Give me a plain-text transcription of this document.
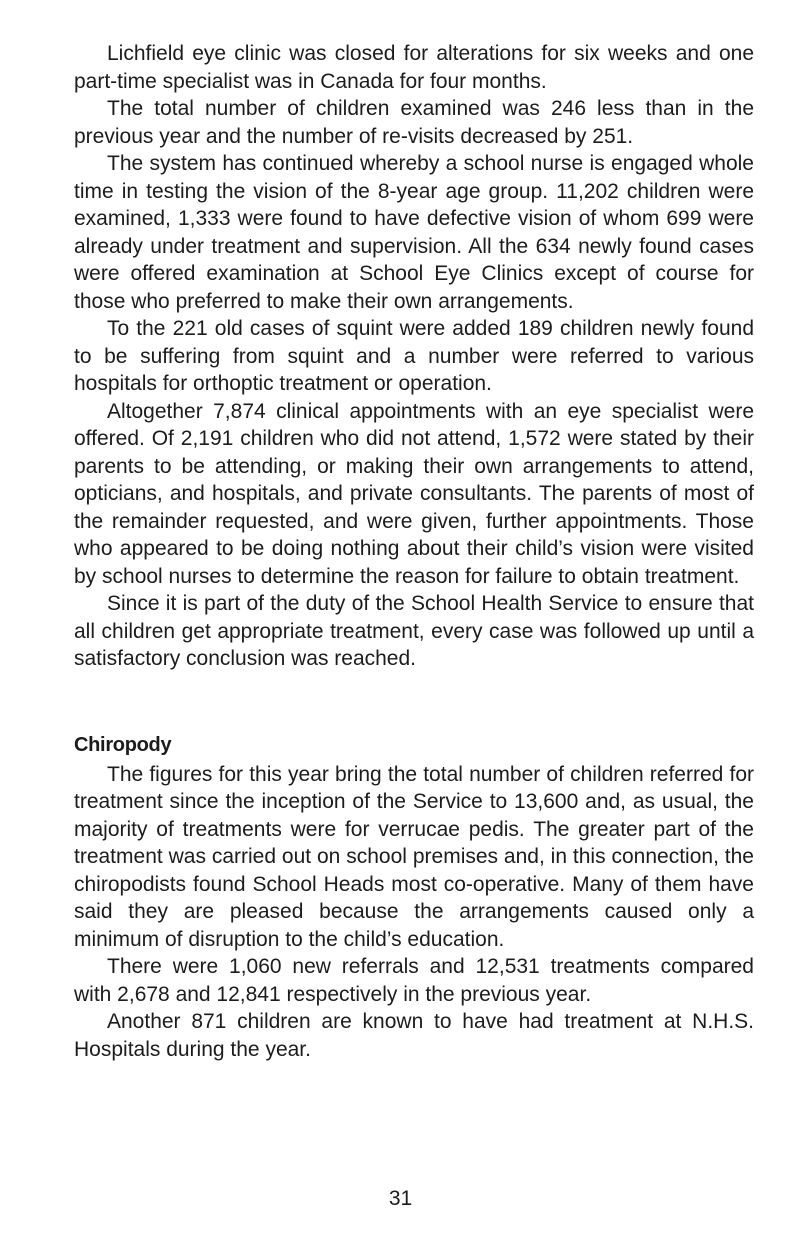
Lichfield eye clinic was closed for alterations for six weeks and one part-time specialist was in Canada for four months.

The total number of children examined was 246 less than in the previous year and the number of re-visits decreased by 251.

The system has continued whereby a school nurse is engaged whole time in testing the vision of the 8-year age group. 11,202 children were examined, 1,333 were found to have defective vision of whom 699 were already under treatment and supervision. All the 634 newly found cases were offered examination at School Eye Clinics except of course for those who preferred to make their own arrangements.

To the 221 old cases of squint were added 189 children newly found to be suffering from squint and a number were referred to various hospitals for orthoptic treatment or operation.

Altogether 7,874 clinical appointments with an eye specialist were offered. Of 2,191 children who did not attend, 1,572 were stated by their parents to be attending, or making their own arrangements to attend, opticians, and hospitals, and private consultants. The parents of most of the remainder requested, and were given, further appointments. Those who appeared to be doing nothing about their child’s vision were visited by school nurses to determine the reason for failure to obtain treatment.

Since it is part of the duty of the School Health Service to ensure that all children get appropriate treatment, every case was followed up until a satisfactory conclusion was reached.

Chiropody

The figures for this year bring the total number of children referred for treatment since the inception of the Service to 13,600 and, as usual, the majority of treatments were for verrucae pedis. The greater part of the treatment was carried out on school premises and, in this connection, the chiropodists found School Heads most co-operative. Many of them have said they are pleased because the arrangements caused only a minimum of disruption to the child’s education.

There were 1,060 new referrals and 12,531 treatments compared with 2,678 and 12,841 respectively in the previous year.

Another 871 children are known to have had treatment at N.H.S. Hospitals during the year.

31
